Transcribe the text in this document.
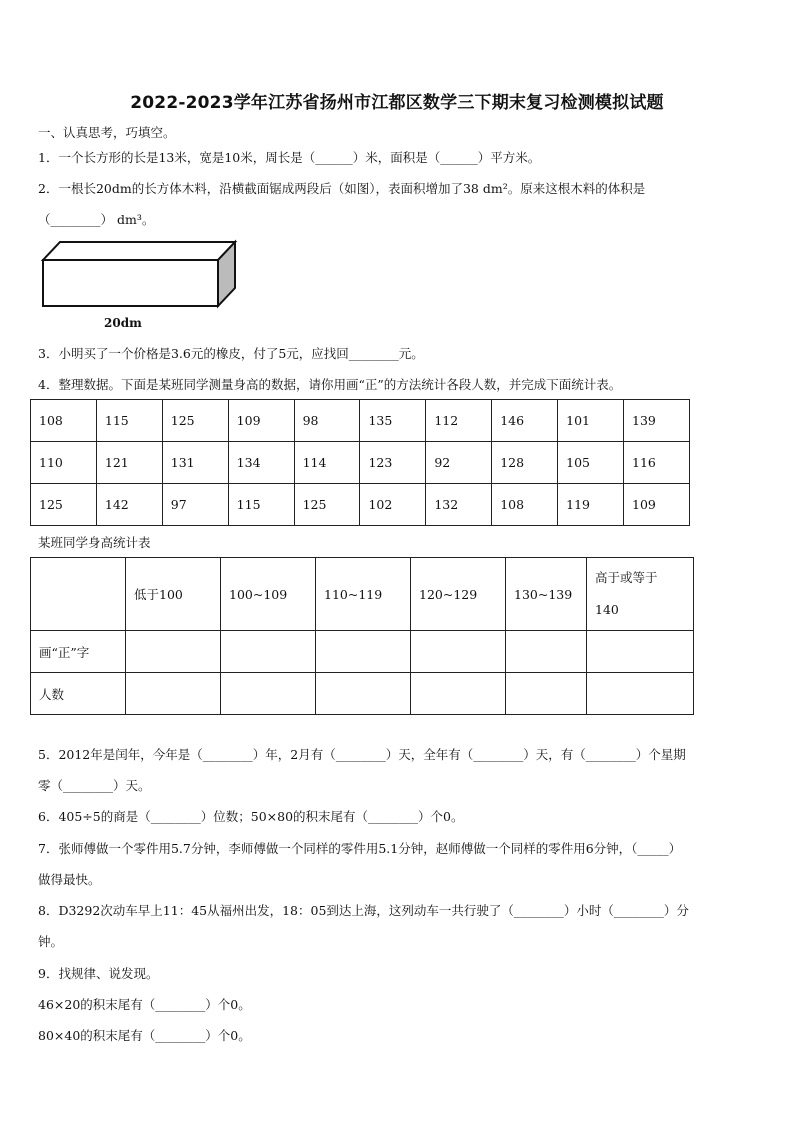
2022-2023学年江苏省扬州市江都区数学三下期末复习检测模拟试题
一、认真思考，巧填空。
1．一个长方形的长是13米，宽是10米，周长是（______）米，面积是（______）平方米。
2．一根长20dm的长方体木料，沿横截面锯成两段后（如图），表面积增加了38 dm²。原来这根木料的体积是
（________） dm³。
20dm
3．小明买了一个价格是3.6元的橡皮，付了5元，应找回________元。
4．整理数据。下面是某班同学测量身高的数据，请你用画“正”的方法统计各段人数，并完成下面统计表。
108	115	125	109	98	135	112	146	101	139
110	121	131	134	114	123	92	128	105	116
125	142	97	115	125	102	132	108	119	109
某班同学身高统计表
	低于100	100~109	110~119	120~129	130~139	高于或等于
140
画“正”字						
人数						
5．2012年是闰年，今年是（________）年，2月有（________）天，全年有（________）天，有（________）个星期
零（________）天。
6．405÷5的商是（________）位数；50×80的积末尾有（________）个0。
7．张师傅做一个零件用5.7分钟，李师傅做一个同样的零件用5.1分钟，赵师傅做一个同样的零件用6分钟，（_____）
做得最快。
8．D3292次动车早上11：45从福州出发，18：05到达上海，这列动车一共行驶了（________）小时（________）分
钟。
9．找规律、说发现。
46×20的积末尾有（________）个0。
80×40的积末尾有（________）个0。
